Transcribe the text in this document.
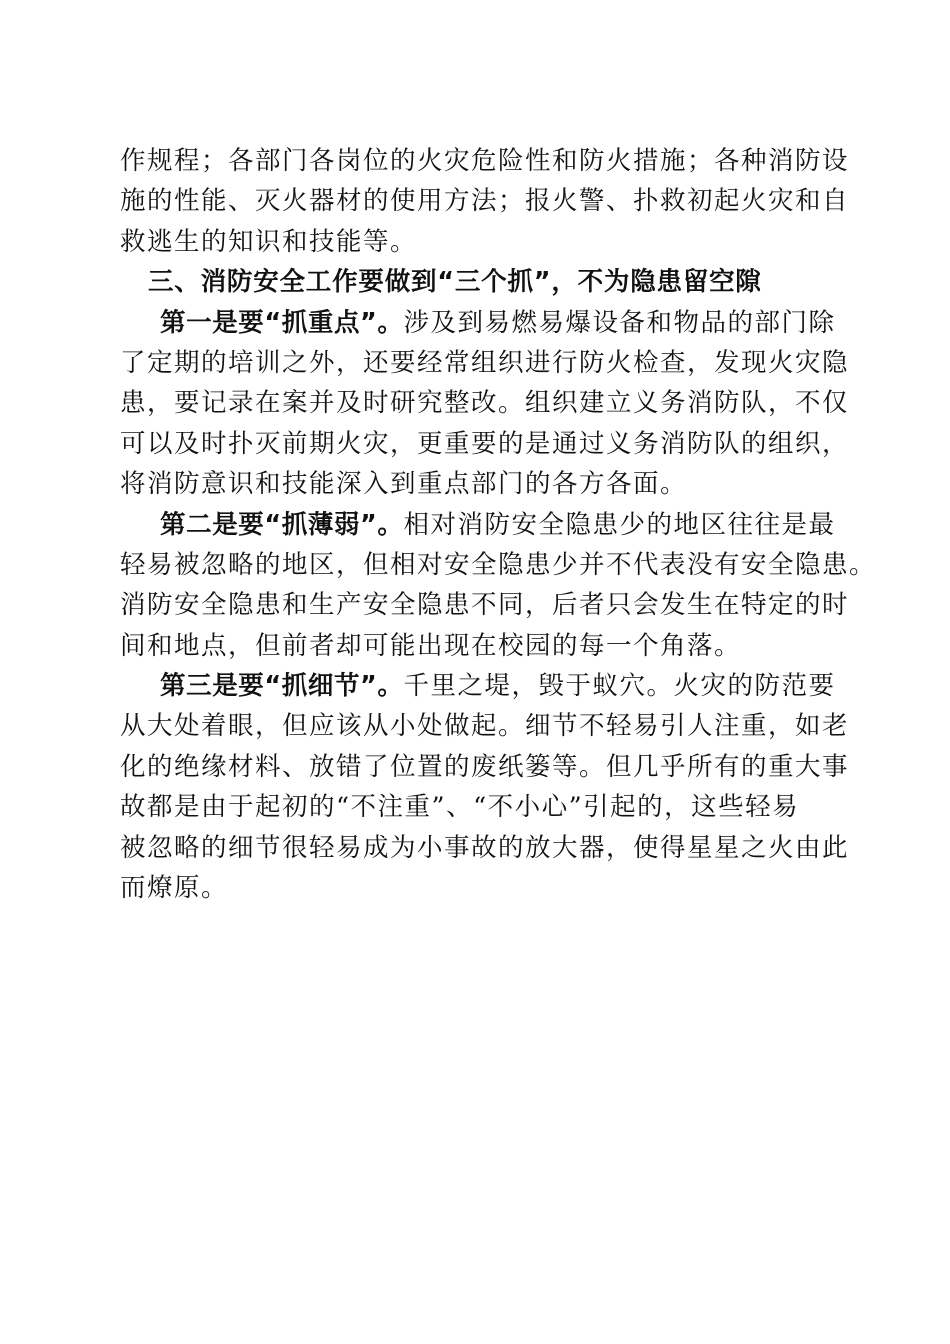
作规程；各部门各岗位的火灾危险性和防火措施；各种消防设
施的性能、灭火器材的使用方法；报火警、扑救初起火灾和自
救逃生的知识和技能等。
三、消防安全工作要做到“三个抓”，不为隐患留空隙
第一是要“抓重点”。涉及到易燃易爆设备和物品的部门除
了定期的培训之外，还要经常组织进行防火检查，发现火灾隐
患，要记录在案并及时研究整改。组织建立义务消防队，不仅
可以及时扑灭前期火灾，更重要的是通过义务消防队的组织，
将消防意识和技能深入到重点部门的各方各面。
第二是要“抓薄弱”。相对消防安全隐患少的地区往往是最
轻易被忽略的地区，但相对安全隐患少并不代表没有安全隐患。
消防安全隐患和生产安全隐患不同，后者只会发生在特定的时
间和地点，但前者却可能出现在校园的每一个角落。
第三是要“抓细节”。千里之堤，毁于蚁穴。火灾的防范要
从大处着眼，但应该从小处做起。细节不轻易引人注重，如老
化的绝缘材料、放错了位置的废纸篓等。但几乎所有的重大事
故都是由于起初的“不注重”、“不小心”引起的，这些轻易
被忽略的细节很轻易成为小事故的放大器，使得星星之火由此
而燎原。
